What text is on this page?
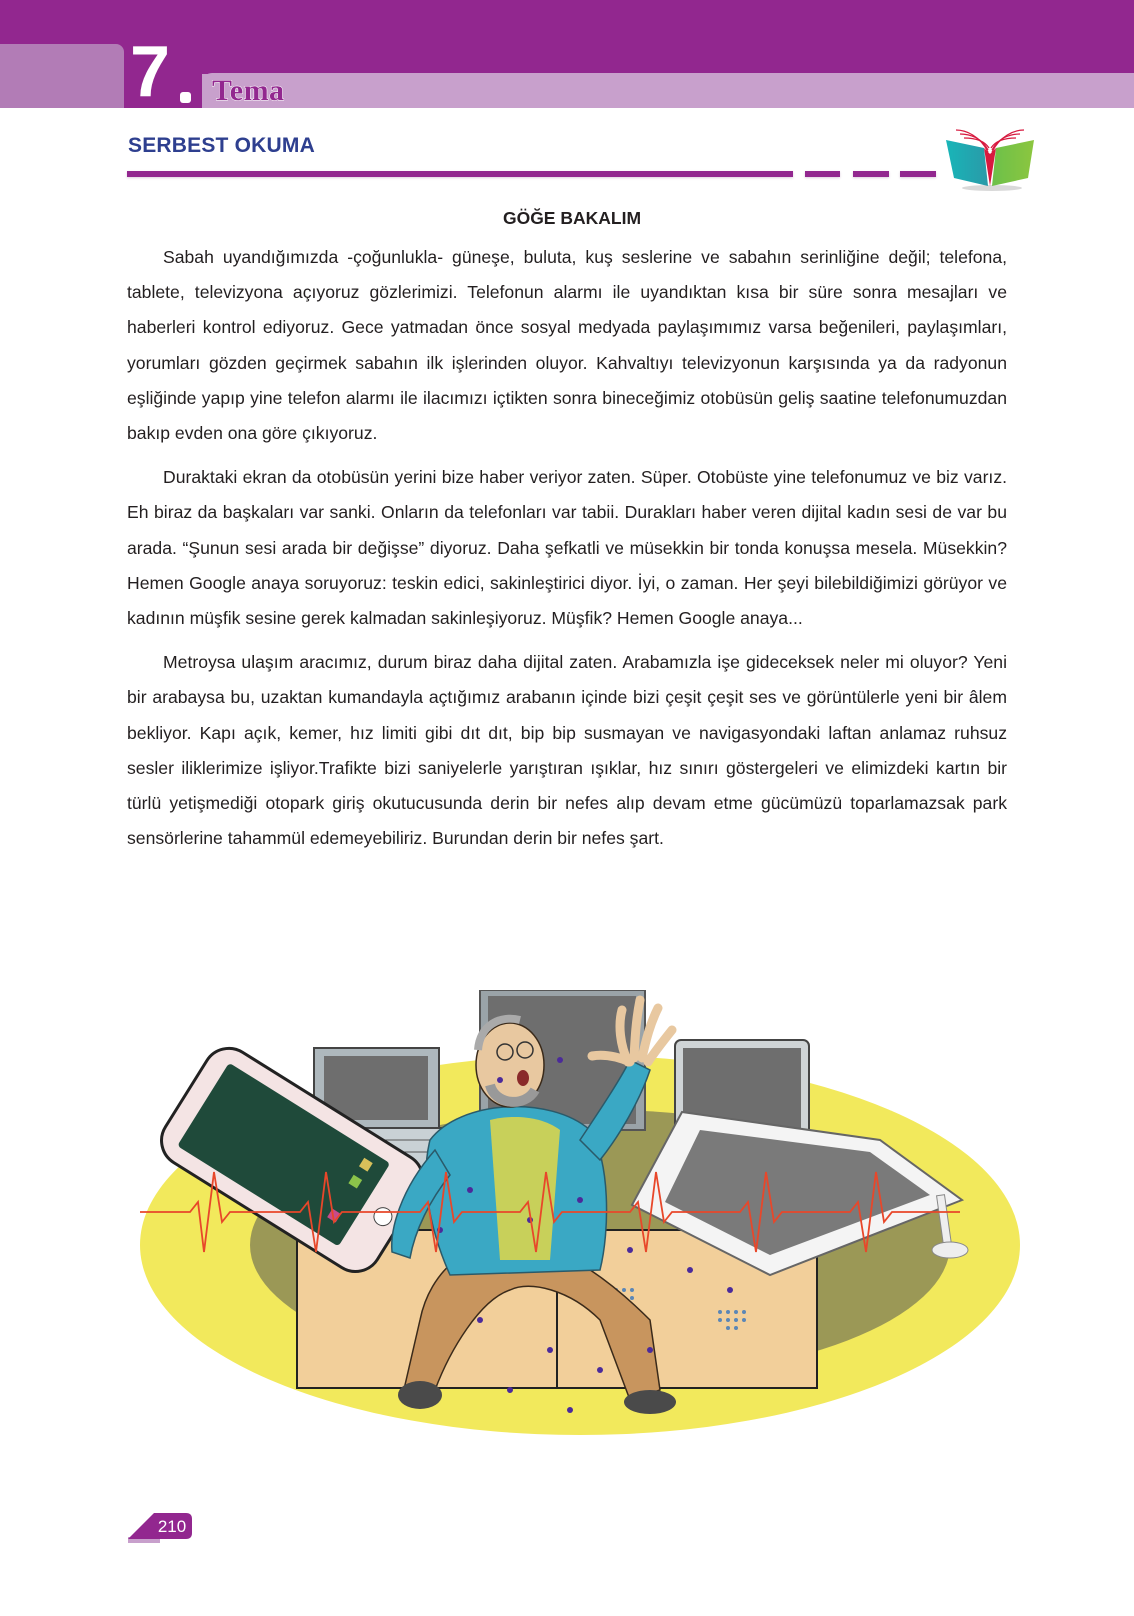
7 Tema
SERBEST OKUMA
GÖĞE BAKALIM

Sabah uyandığımızda -çoğunlukla- güneşe, buluta, kuş seslerine ve sabahın serinliğine değil; telefona, tablete, televizyona açıyoruz gözlerimizi. Telefonun alarmı ile uyandıktan kısa bir süre sonra mesajları ve haberleri kontrol ediyoruz. Gece yatmadan önce sosyal medyada paylaşımımız varsa beğenileri, paylaşımları, yorumları gözden geçirmek sabahın ilk işlerinden oluyor. Kahvaltıyı televizyonun karşısında ya da radyonun eşliğinde yapıp yine telefon alarmı ile ilacımızı içtikten sonra bineceğimiz otobüsün geliş saatine telefonumuzdan bakıp evden ona göre çıkıyoruz.

Duraktaki ekran da otobüsün yerini bize haber veriyor zaten. Süper. Otobüste yine telefonumuz ve biz varız. Eh biraz da başkaları var sanki. Onların da telefonları var tabii. Durakları haber veren dijital kadın sesi de var bu arada. “Şunun sesi arada bir değişse” diyoruz. Daha şefkatli ve müsekkin bir tonda konuşsa mesela. Müsekkin? Hemen Google anaya soruyoruz: teskin edici, sakinleştirici diyor. İyi, o zaman. Her şeyi bilebildiğimizi görüyor ve kadının müşfik sesine gerek kalmadan sakinleşiyoruz. Müşfik? Hemen Google anaya...

Metroysa ulaşım aracımız, durum biraz daha dijital zaten. Arabamızla işe gideceksek neler mi oluyor? Yeni bir arabaysa bu, uzaktan kumandayla açtığımız arabanın içinde bizi çeşit çeşit ses ve görüntülerle yeni bir âlem bekliyor. Kapı açık, kemer, hız limiti gibi dıt dıt, bip bip susmayan ve navigasyondaki laftan anlamaz ruhsuz sesler iliklerimize işliyor.Trafikte bizi saniyelerle yarıştıran ışıklar, hız sınırı göstergeleri ve elimizdeki kartın bir türlü yetişmediği otopark giriş okutucusunda derin bir nefes alıp devam etme gücümüzü toparlamazsak park sensörlerine tahammül edemeyebiliriz. Burundan derin bir nefes şart.

210
